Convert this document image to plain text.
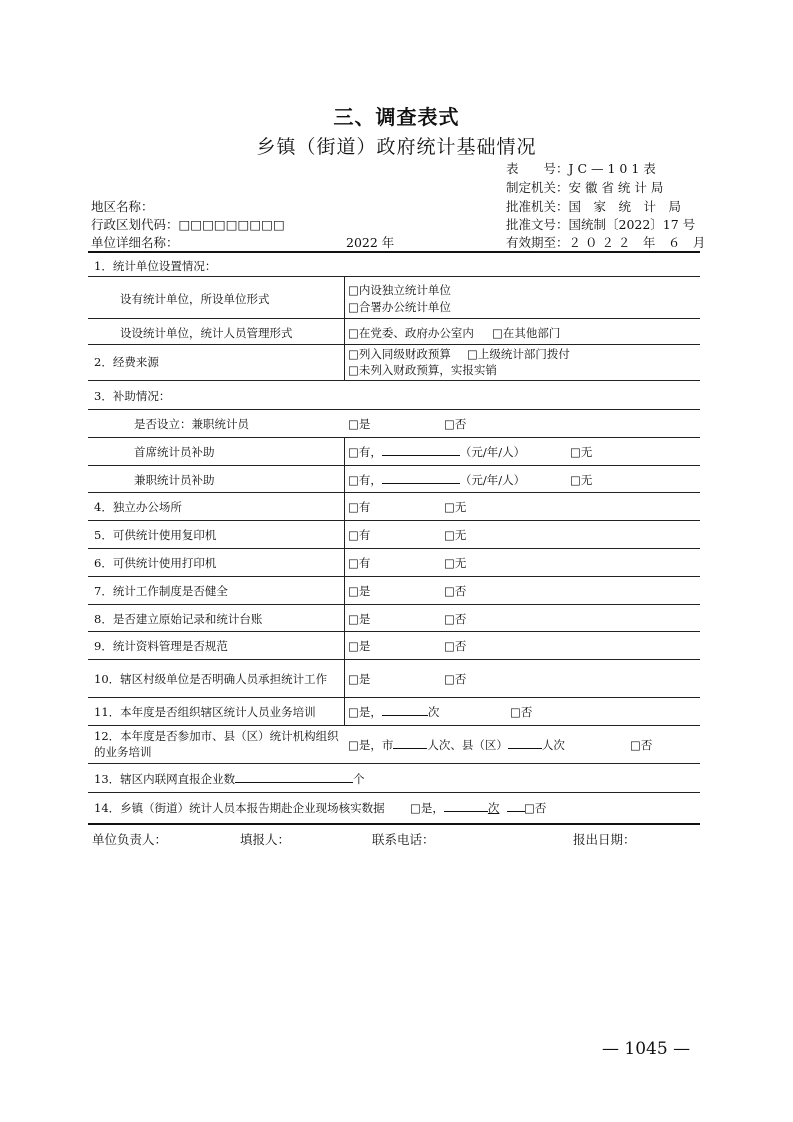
三、调查表式
乡镇（街道）政府统计基础情况
表　　号：J C — 1 0 1 表
制定机关：安 徽 省 统 计 局
批准机关：国　家　统　计　局
批准文号：国统制〔2022〕17 号
有效期至：２ ０ ２ ２　年　６　月
地区名称：
行政区划代码：□□□□□□□□□
单位详细名称：	2022 年
1．统计单位设置情况：
设有统计单位，所设单位形式
□ 内设独立统计单位
□ 合署办公统计单位
设设统计单位，统计人员管理形式	□ 在党委、政府办公室内	□ 在其他部门
2．经费来源
□ 列入同级财政预算	□ 上级统计部门拨付
□ 未列入财政预算，实报实销
3．补助情况：
是否设立：兼职统计员	□ 是	□ 否
首席统计员补助	□ 有，	（元/年/人）	□ 无
兼职统计员补助	□ 有，	（元/年/人）	□ 无
4．独立办公场所	□ 有	□ 无
5．可供统计使用复印机	□ 有	□ 无
6．可供统计使用打印机	□ 有	□ 无
7．统计工作制度是否健全	□ 是	□ 否
8．是否建立原始记录和统计台账	□ 是	□ 否
9．统计资料管理是否规范	□ 是	□ 否
10．辖区村级单位是否明确人员承担统计工作	□ 是	□ 否
11．本年度是否组织辖区统计人员业务培训	□ 是，	次	□ 否
12．本年度是否参加市、县（区）统计机构组织
的业务培训	□ 是，市	人次、县（区）	人次	□ 否
13．辖区内联网直报企业数	个
14．乡镇（街道）统计人员本报告期赴企业现场核实数据	□ 是，	次	□ 否
单位负责人：	填报人：	联系电话：	报出日期：
— 1045 —
